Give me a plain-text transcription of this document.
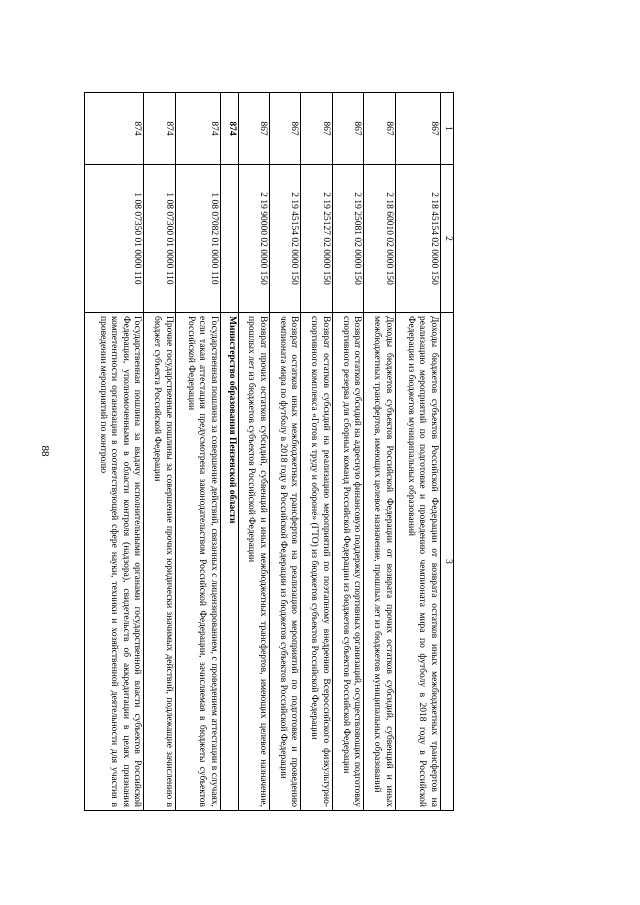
88
1	2	3
867	2 18 45154 02 0000 150	Доходы бюджетов субъектов Российской Федерации от возврата остатков иных межбюджетных трансфертов на реализацию мероприятий по подготовке и проведению чемпионата мира по футболу в 2018 году в Российской Федерации из бюджетов муниципальных образований
867	2 18 60010 02 0000 150	Доходы бюджетов субъектов Российской Федерации от возврата прочих остатков субсидий, субвенций и иных межбюджетных трансфертов, имеющих целевое назначение, прошлых лет из бюджетов муниципальных образований
867	2 19 25081 02 0000 150	Возврат остатков субсидий на адресную финансовую поддержку спортивных организаций, осуществляющих подготовку спортивного резерва для сборных команд Российской Федерации из бюджетов субъектов Российской Федерации
867	2 19 25127 02 0000 150	Возврат остатков субсидий на реализацию мероприятий по поэтапному внедрению Всероссийского физкультурно-спортивного комплекса «Готов к труду и обороне» (ГТО) из бюджетов субъектов Российской Федерации
867	2 19 45154 02 0000 150	Возврат остатков иных межбюджетных трансфертов на реализацию мероприятий по подготовке и проведению чемпионата мира по футболу в 2018 году в Российской Федерации из бюджетов субъектов Российской Федерации
867	2 19 90000 02 0000 150	Возврат прочих остатков субсидий, субвенций и иных межбюджетных трансфертов, имеющих целевое назначение, прошлых лет из бюджетов субъектов Российской Федерации
874		Министерство образования Пензенской области
874	1 08 07082 01 0000 110	Государственная пошлина за совершение действий, связанных с лицензированием, с проведением аттестации в случаях, если такая аттестация предусмотрена законодательством Российской Федерации, зачисляемая в бюджеты субъектов Российской Федерации
874	1 08 07300 01 0000 110	Прочие государственные пошлины за совершение прочих юридически значимых действий, подлежащие зачислению в бюджет субъекта Российской Федерации
874	1 08 07350 01 0000 110	Государственная пошлина за выдачу исполнительными органами государственной власти субъектов Российской Федерации, уполномоченными в области контроля (надзора), свидетельств об аккредитации в целях признания компетентности организации в соответствующей сфере науки, техники и хозяйственной деятельности для участия в проведении мероприятий по контролю
